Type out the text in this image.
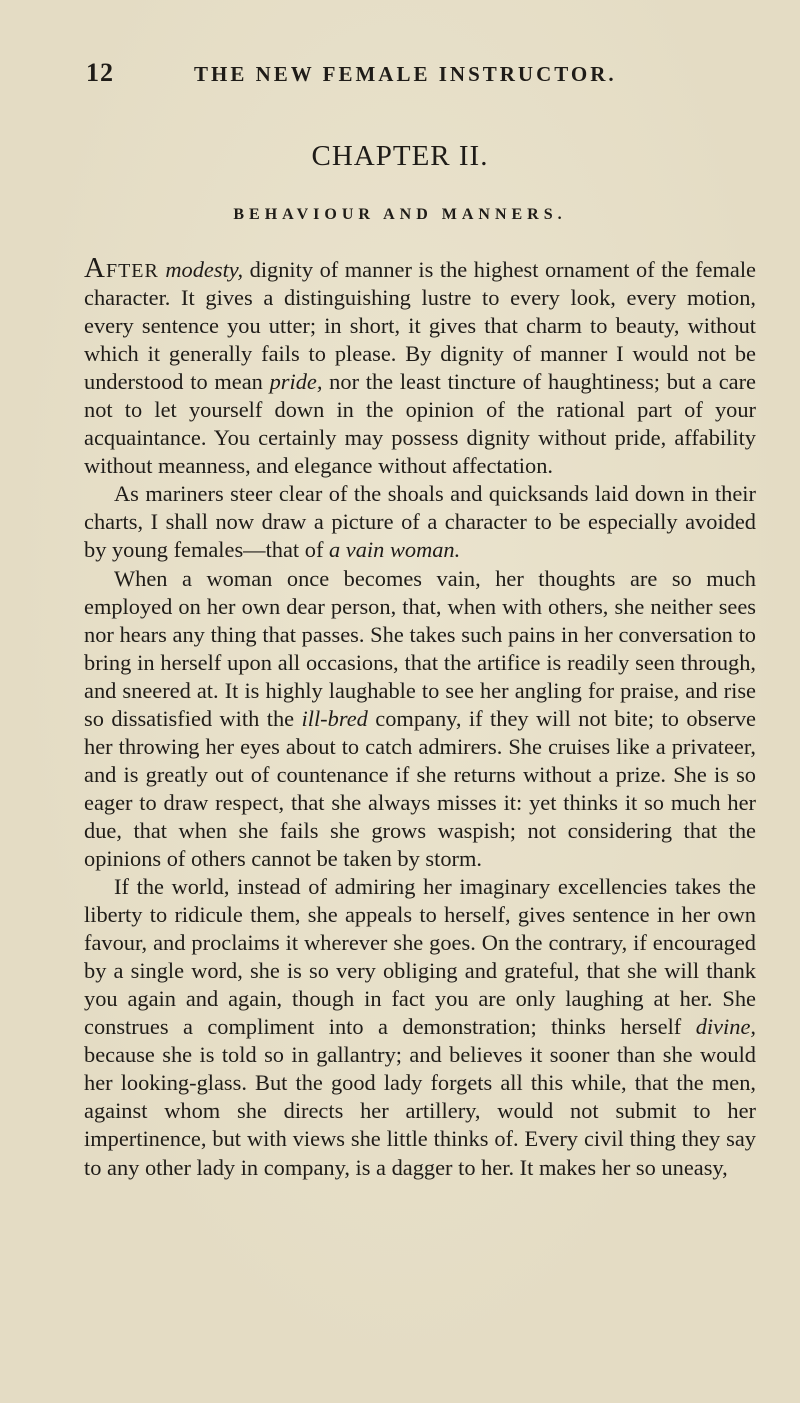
12	THE NEW FEMALE INSTRUCTOR.
CHAPTER II.
BEHAVIOUR AND MANNERS.

After modesty, dignity of manner is the highest ornament of the female character. It gives a distinguishing lustre to every look, every motion, every sentence you utter; in short, it gives that charm to beauty, without which it generally fails to please. By dignity of manner I would not be understood to mean pride, nor the least tincture of haughtiness; but a care not to let yourself down in the opinion of the rational part of your acquaintance. You certainly may possess dignity without pride, affability without meanness, and elegance without affectation.

As mariners steer clear of the shoals and quicksands laid down in their charts, I shall now draw a picture of a character to be especially avoided by young females—that of a vain woman.

When a woman once becomes vain, her thoughts are so much employed on her own dear person, that, when with others, she neither sees nor hears any thing that passes. She takes such pains in her conversation to bring in herself upon all occasions, that the artifice is readily seen through, and sneered at. It is highly laughable to see her angling for praise, and rise so dissatisfied with the ill-bred company, if they will not bite; to observe her throwing her eyes about to catch admirers. She cruises like a privateer, and is greatly out of countenance if she returns without a prize. She is so eager to draw respect, that she always misses it: yet thinks it so much her due, that when she fails she grows waspish; not considering that the opinions of others cannot be taken by storm.

If the world, instead of admiring her imaginary excellencies takes the liberty to ridicule them, she appeals to herself, gives sentence in her own favour, and proclaims it wherever she goes. On the contrary, if encouraged by a single word, she is so very obliging and grateful, that she will thank you again and again, though in fact you are only laughing at her. She construes a compliment into a demonstration; thinks herself divine, because she is told so in gallantry; and believes it sooner than she would her looking-glass. But the good lady forgets all this while, that the men, against whom she directs her artillery, would not submit to her impertinence, but with views she little thinks of. Every civil thing they say to any other lady in company, is a dagger to her. It makes her so uneasy,
